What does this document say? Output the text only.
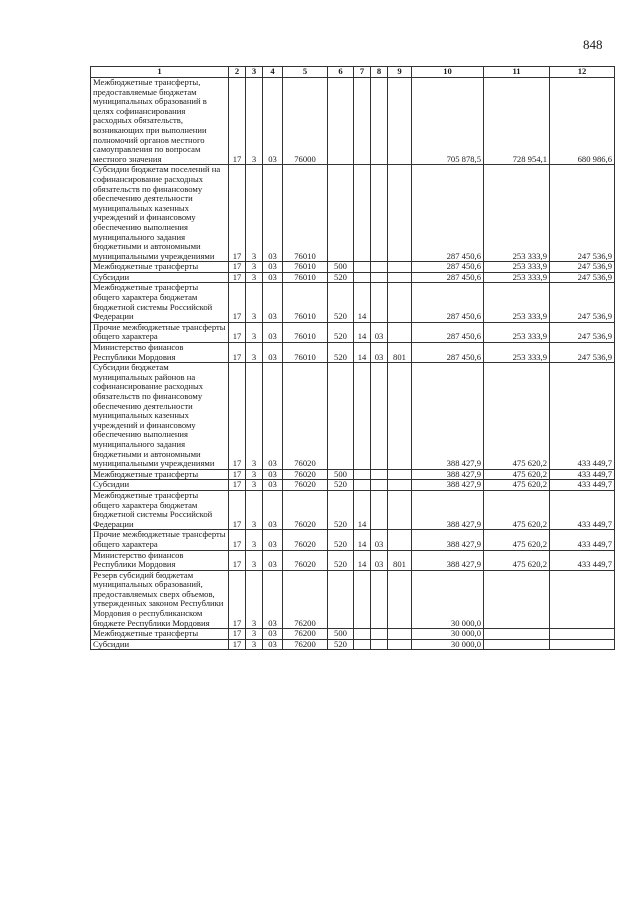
848
1	2	3	4	5	6	7	8	9	10	11	12
Межбюджетные трансферты, предоставляемые бюджетам муниципальных образований в целях софинансирования расходных обязательств, возникающих при выполнении полномочий органов местного самоуправления по вопросам местного значения	17	3	03	76000					705 878,5	728 954,1	680 986,6
Субсидии бюджетам поселений на софинансирование расходных обязательств по финансовому обеспечению деятельности муниципальных казенных учреждений и финансовому обеспечению выполнения муниципального задания бюджетными и автономными муниципальными учреждениями	17	3	03	76010					287 450,6	253 333,9	247 536,9
Межбюджетные трансферты	17	3	03	76010	500				287 450,6	253 333,9	247 536,9
Субсидии	17	3	03	76010	520				287 450,6	253 333,9	247 536,9
Межбюджетные трансферты общего характера бюджетам бюджетной системы Российской Федерации	17	3	03	76010	520	14			287 450,6	253 333,9	247 536,9
Прочие межбюджетные трансферты общего характера	17	3	03	76010	520	14	03		287 450,6	253 333,9	247 536,9
Министерство финансов Республики Мордовия	17	3	03	76010	520	14	03	801	287 450,6	253 333,9	247 536,9
Субсидии бюджетам муниципальных районов на софинансирование расходных обязательств по финансовому обеспечению деятельности муниципальных казенных учреждений и финансовому обеспечению выполнения муниципального задания бюджетными и автономными муниципальными учреждениями	17	3	03	76020					388 427,9	475 620,2	433 449,7
Межбюджетные трансферты	17	3	03	76020	500				388 427,9	475 620,2	433 449,7
Субсидии	17	3	03	76020	520				388 427,9	475 620,2	433 449,7
Межбюджетные трансферты общего характера бюджетам бюджетной системы Российской Федерации	17	3	03	76020	520	14			388 427,9	475 620,2	433 449,7
Прочие межбюджетные трансферты общего характера	17	3	03	76020	520	14	03		388 427,9	475 620,2	433 449,7
Министерство финансов Республики Мордовия	17	3	03	76020	520	14	03	801	388 427,9	475 620,2	433 449,7
Резерв субсидий бюджетам муниципальных образований, предоставляемых сверх объемов, утвержденных законом Республики Мордовия о республиканском бюджете Республики Мордовия	17	3	03	76200					30 000,0		
Межбюджетные трансферты	17	3	03	76200	500				30 000,0		
Субсидии	17	3	03	76200	520				30 000,0		
